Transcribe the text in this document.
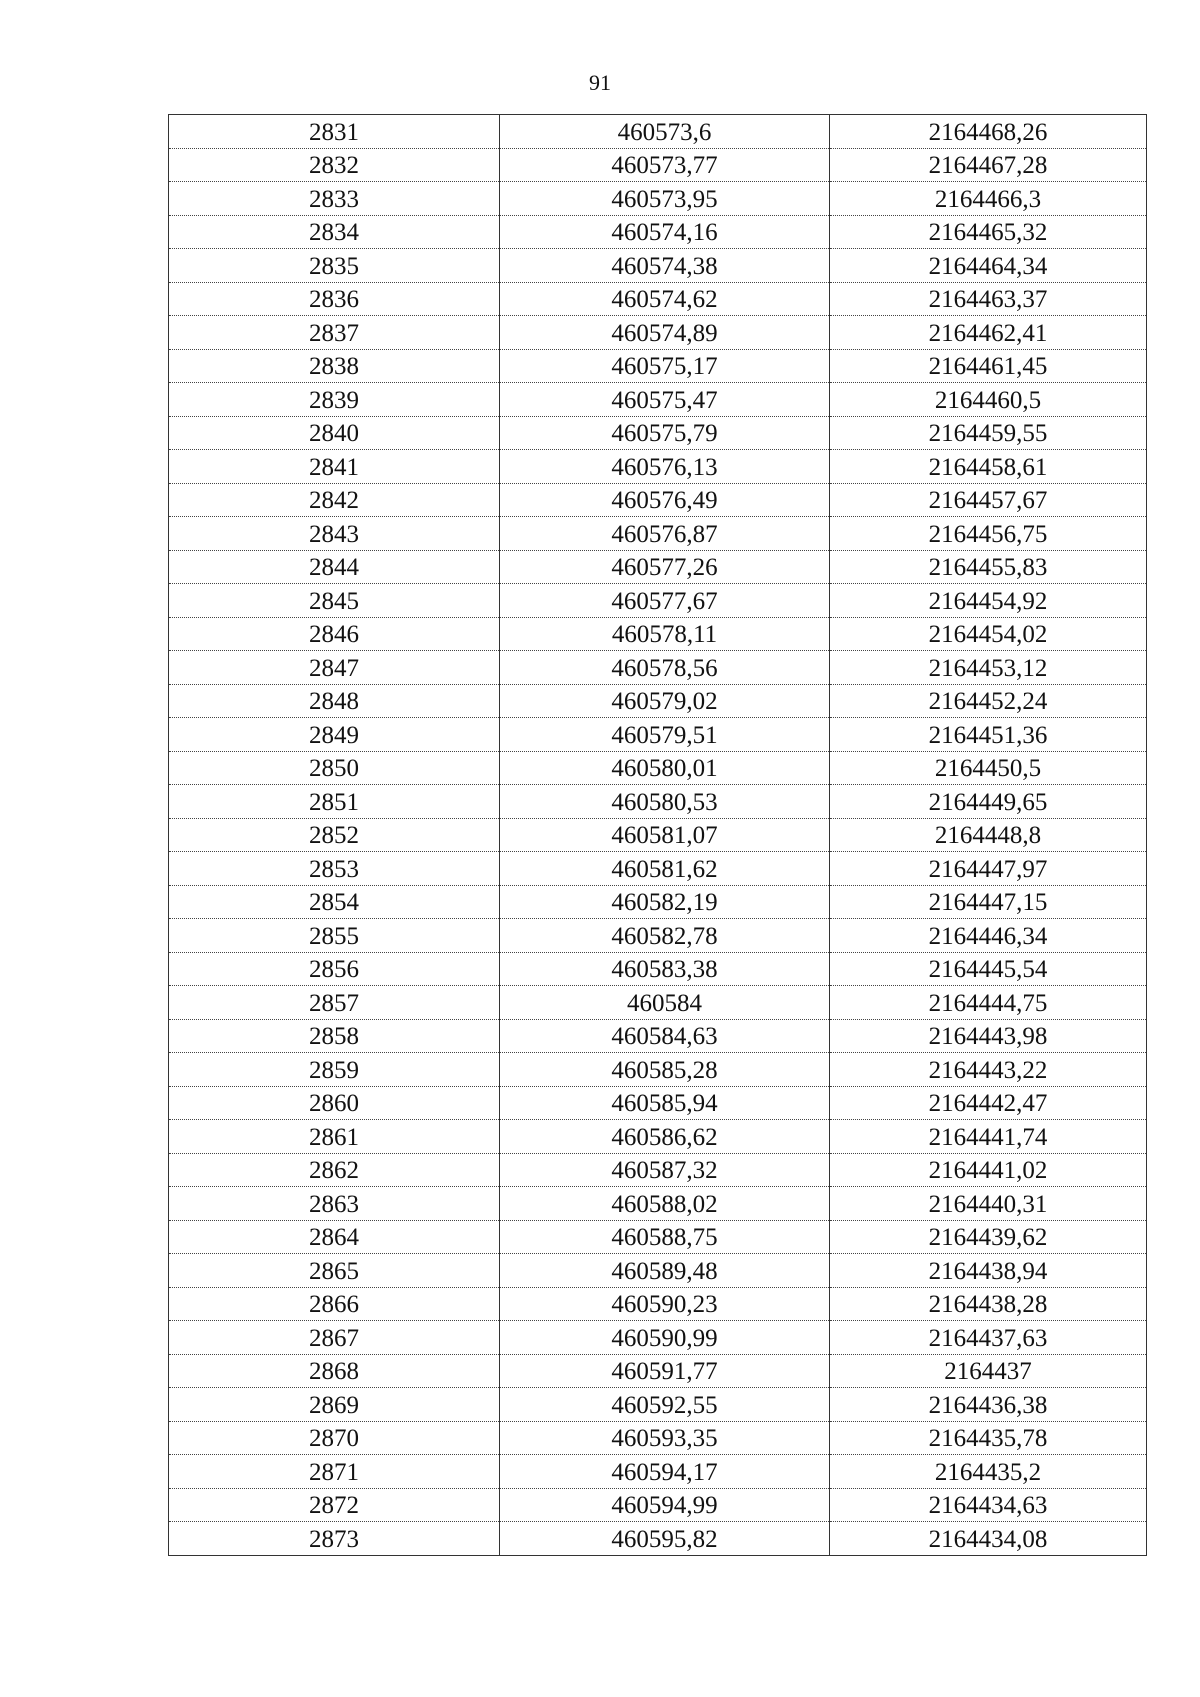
91
2831	460573,6	2164468,26
2832	460573,77	2164467,28
2833	460573,95	2164466,3
2834	460574,16	2164465,32
2835	460574,38	2164464,34
2836	460574,62	2164463,37
2837	460574,89	2164462,41
2838	460575,17	2164461,45
2839	460575,47	2164460,5
2840	460575,79	2164459,55
2841	460576,13	2164458,61
2842	460576,49	2164457,67
2843	460576,87	2164456,75
2844	460577,26	2164455,83
2845	460577,67	2164454,92
2846	460578,11	2164454,02
2847	460578,56	2164453,12
2848	460579,02	2164452,24
2849	460579,51	2164451,36
2850	460580,01	2164450,5
2851	460580,53	2164449,65
2852	460581,07	2164448,8
2853	460581,62	2164447,97
2854	460582,19	2164447,15
2855	460582,78	2164446,34
2856	460583,38	2164445,54
2857	460584	2164444,75
2858	460584,63	2164443,98
2859	460585,28	2164443,22
2860	460585,94	2164442,47
2861	460586,62	2164441,74
2862	460587,32	2164441,02
2863	460588,02	2164440,31
2864	460588,75	2164439,62
2865	460589,48	2164438,94
2866	460590,23	2164438,28
2867	460590,99	2164437,63
2868	460591,77	2164437
2869	460592,55	2164436,38
2870	460593,35	2164435,78
2871	460594,17	2164435,2
2872	460594,99	2164434,63
2873	460595,82	2164434,08
